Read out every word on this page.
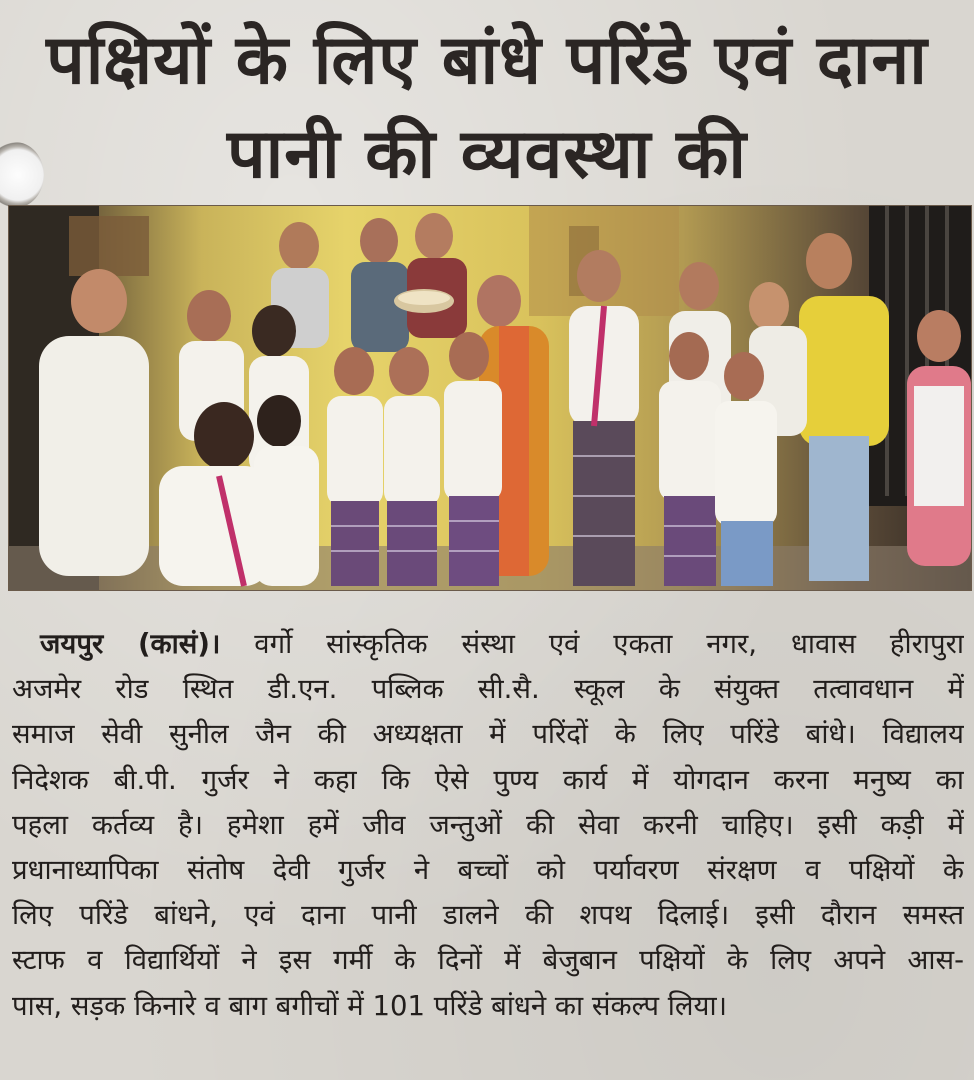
पक्षियों के लिए बांधे परिंडे एवं दाना
पानी की व्यवस्था की
जयपुर (कासं)। वर्गो सांस्कृतिक संस्था एवं एकता नगर, धावास हीरापुरा
अजमेर रोड स्थित डी.एन. पब्लिक सी.सै. स्कूल के संयुक्त तत्वावधान में
समाज सेवी सुनील जैन की अध्यक्षता में परिंदों के लिए परिंडे बांधे। विद्यालय
निदेशक बी.पी. गुर्जर ने कहा कि ऐसे पुण्य कार्य में योगदान करना मनुष्य का
पहला कर्तव्य है। हमेशा हमें जीव जन्तुओं की सेवा करनी चाहिए। इसी कड़ी में
प्रधानाध्यापिका संतोष देवी गुर्जर ने बच्चों को पर्यावरण संरक्षण व पक्षियों के
लिए परिंडे बांधने, एवं दाना पानी डालने की शपथ दिलाई। इसी दौरान समस्त
स्टाफ व विद्यार्थियों ने इस गर्मी के दिनों में बेजुबान पक्षियों के लिए अपने आस-
पास, सड़क किनारे व बाग बगीचों में 101 परिंडे बांधने का संकल्प लिया।
